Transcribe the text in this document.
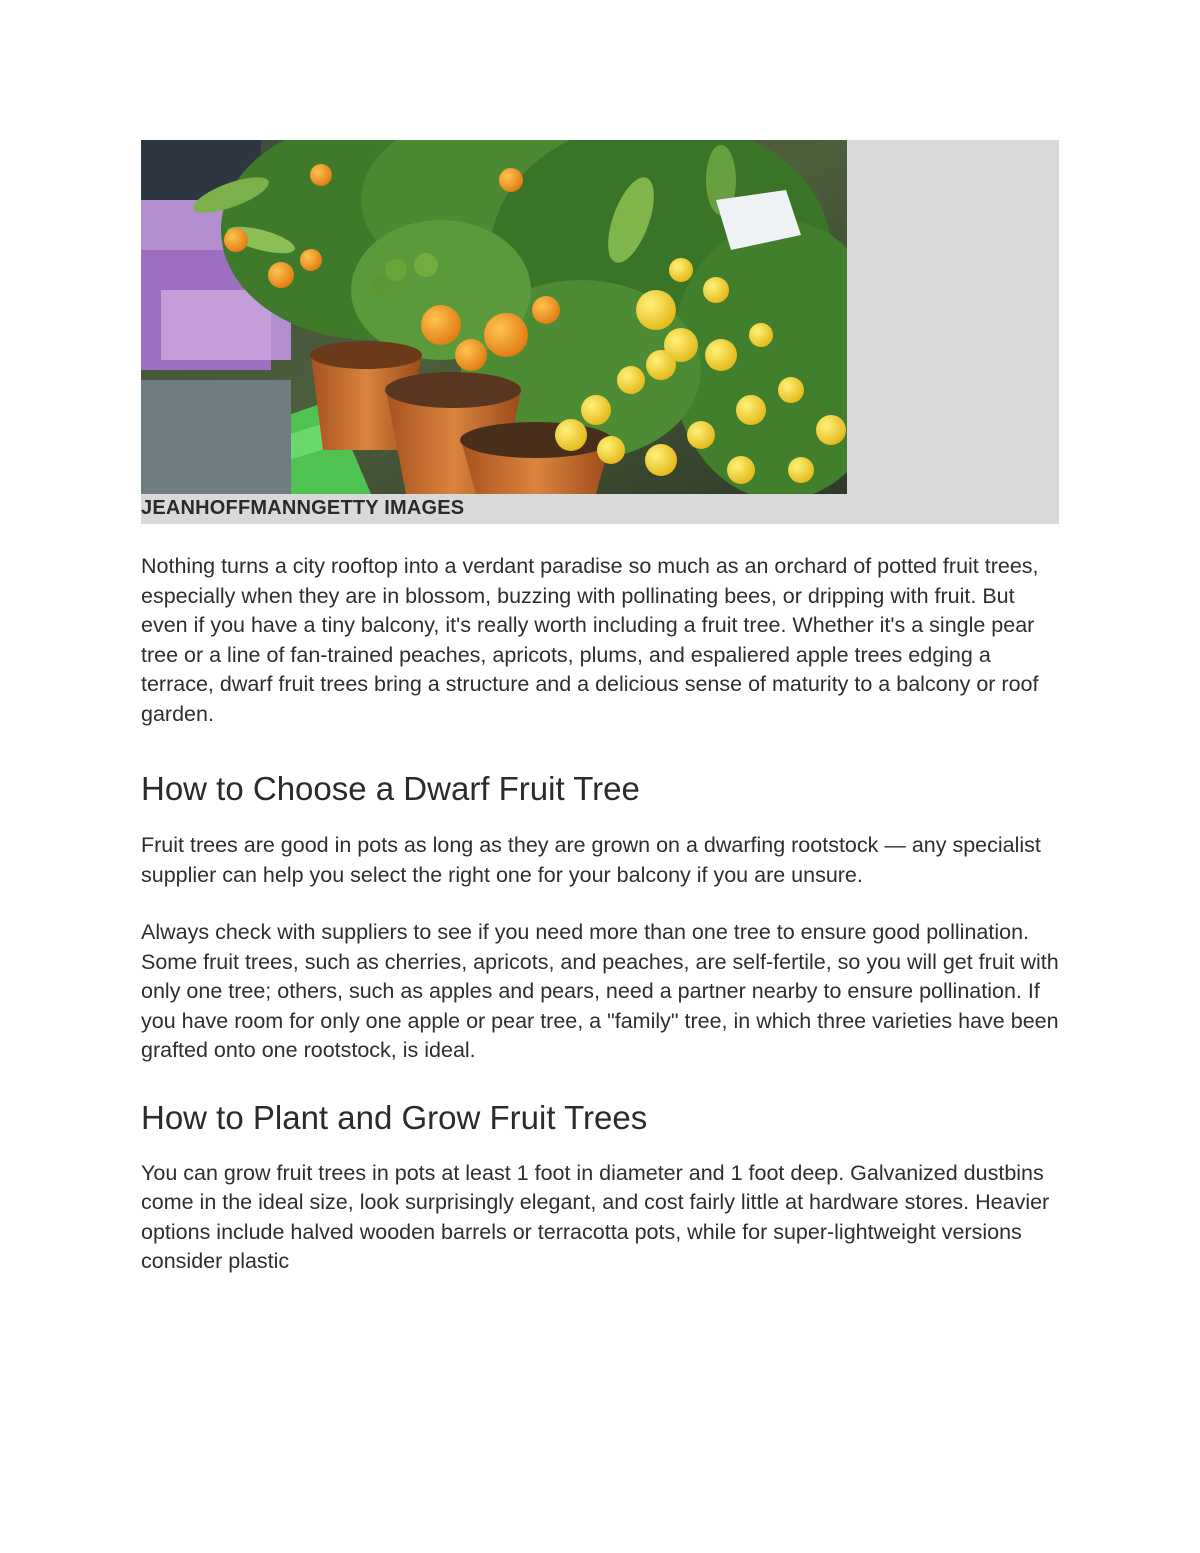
JEANHOFFMANNGETTY IMAGES

Nothing turns a city rooftop into a verdant paradise so much as an orchard of potted fruit trees, especially when they are in blossom, buzzing with pollinating bees, or dripping with fruit. But even if you have a tiny balcony, it's really worth including a fruit tree. Whether it's a single pear tree or a line of fan-trained peaches, apricots, plums, and espaliered apple trees edging a terrace, dwarf fruit trees bring a structure and a delicious sense of maturity to a balcony or roof garden.

How to Choose a Dwarf Fruit Tree

Fruit trees are good in pots as long as they are grown on a dwarfing rootstock — any specialist supplier can help you select the right one for your balcony if you are unsure.

Always check with suppliers to see if you need more than one tree to ensure good pollination. Some fruit trees, such as cherries, apricots, and peaches, are self-fertile, so you will get fruit with only one tree; others, such as apples and pears, need a partner nearby to ensure pollination. If you have room for only one apple or pear tree, a "family" tree, in which three varieties have been grafted onto one rootstock, is ideal.

How to Plant and Grow Fruit Trees

You can grow fruit trees in pots at least 1 foot in diameter and 1 foot deep. Galvanized dustbins come in the ideal size, look surprisingly elegant, and cost fairly little at hardware stores. Heavier options include halved wooden barrels or terracotta pots, while for super-lightweight versions consider plastic
